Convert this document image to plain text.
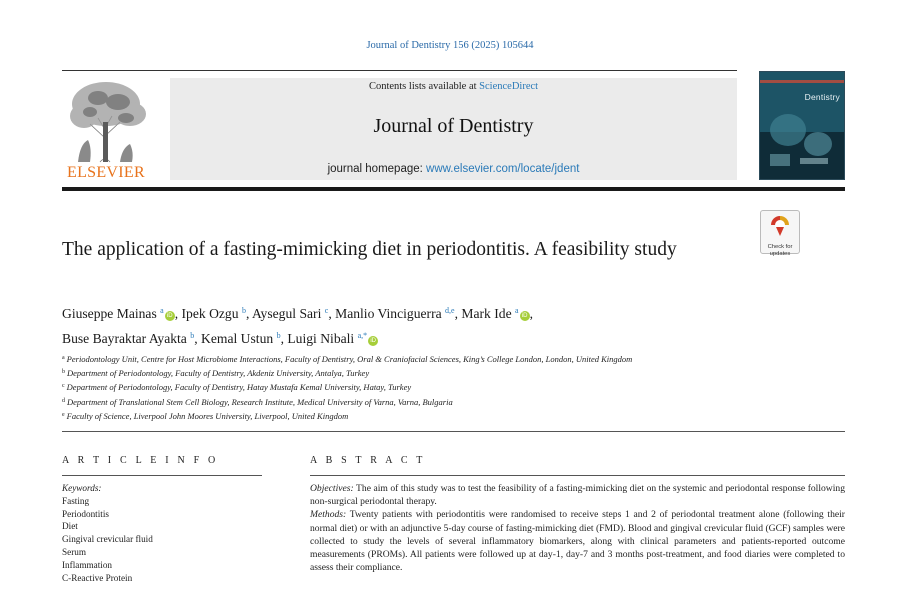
Journal of Dentistry 156 (2025) 105644
ELSEVIER
Contents lists available at ScienceDirect
Journal of Dentistry
journal homepage: www.elsevier.com/locate/jdent
Dentistry
Check for
updates
The application of a fasting-mimicking diet in periodontitis. A feasibility study
Giuseppe Mainas $^a$iD , Ipek Ozgu $^b$, Aysegul Sari $^c$, Manlio Vinciguerra $^{d,e}$, Mark Ide $^a$iD ,
Buse Bayraktar Ayakta $^b$, Kemal Ustun $^b$, Luigi Nibali $^{a,*}$iD
$^a$ Periodontology Unit, Centre for Host Microbiome Interactions, Faculty of Dentistry, Oral & Craniofacial Sciences, King’s College London, London, United Kingdom
$^b$ Department of Periodontology, Faculty of Dentistry, Akdeniz University, Antalya, Turkey
$^c$ Department of Periodontology, Faculty of Dentistry, Hatay Mustafa Kemal University, Hatay, Turkey
$^d$ Department of Translational Stem Cell Biology, Research Institute, Medical University of Varna, Varna, Bulgaria
$^e$ Faculty of Science, Liverpool John Moores University, Liverpool, United Kingdom
A R T I C L E I N F O	A B S T R A C T
Keywords:
Fasting
Periodontitis
Diet
Gingival crevicular fluid
Serum
Inflammation
C-Reactive Protein

Objectives: The aim of this study was to test the feasibility of a fasting-mimicking diet on the systemic and periodontal response following non-surgical periodontal therapy.

Methods: Twenty patients with periodontitis were randomised to receive steps 1 and 2 of periodontal treatment alone (following their normal diet) or with an adjunctive 5-day course of fasting-mimicking diet (FMD). Blood and gingival crevicular fluid (GCF) samples were collected to study the levels of several inflammatory biomarkers, along with clinical parameters and patients-reported outcome measurements (PROMs). All patients were followed up at day-1, day-7 and 3 months post-treatment, and food diaries were completed to assess their compliance.
